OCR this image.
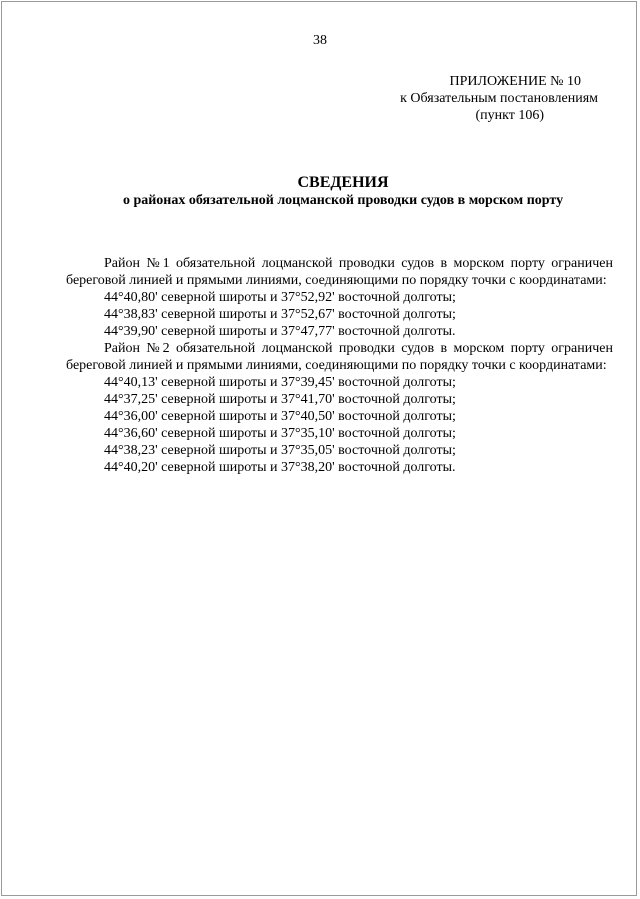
38
ПРИЛОЖЕНИЕ № 10
к Обязательным постановлениям
(пункт 106)
СВЕДЕНИЯ
о районах обязательной лоцманской проводки судов в морском порту

Район №1 обязательной лоцманской проводки судов в морском порту ограничен береговой линией и прямыми линиями, соединяющими по порядку точки с координатами:

44°40,80' северной широты и 37°52,92' восточной долготы;
44°38,83' северной широты и 37°52,67' восточной долготы;
44°39,90' северной широты и 37°47,77' восточной долготы.

Район №2 обязательной лоцманской проводки судов в морском порту ограничен береговой линией и прямыми линиями, соединяющими по порядку точки с координатами:

44°40,13' северной широты и 37°39,45' восточной долготы;
44°37,25' северной широты и 37°41,70' восточной долготы;
44°36,00' северной широты и 37°40,50' восточной долготы;
44°36,60' северной широты и 37°35,10' восточной долготы;
44°38,23' северной широты и 37°35,05' восточной долготы;
44°40,20' северной широты и 37°38,20' восточной долготы.
